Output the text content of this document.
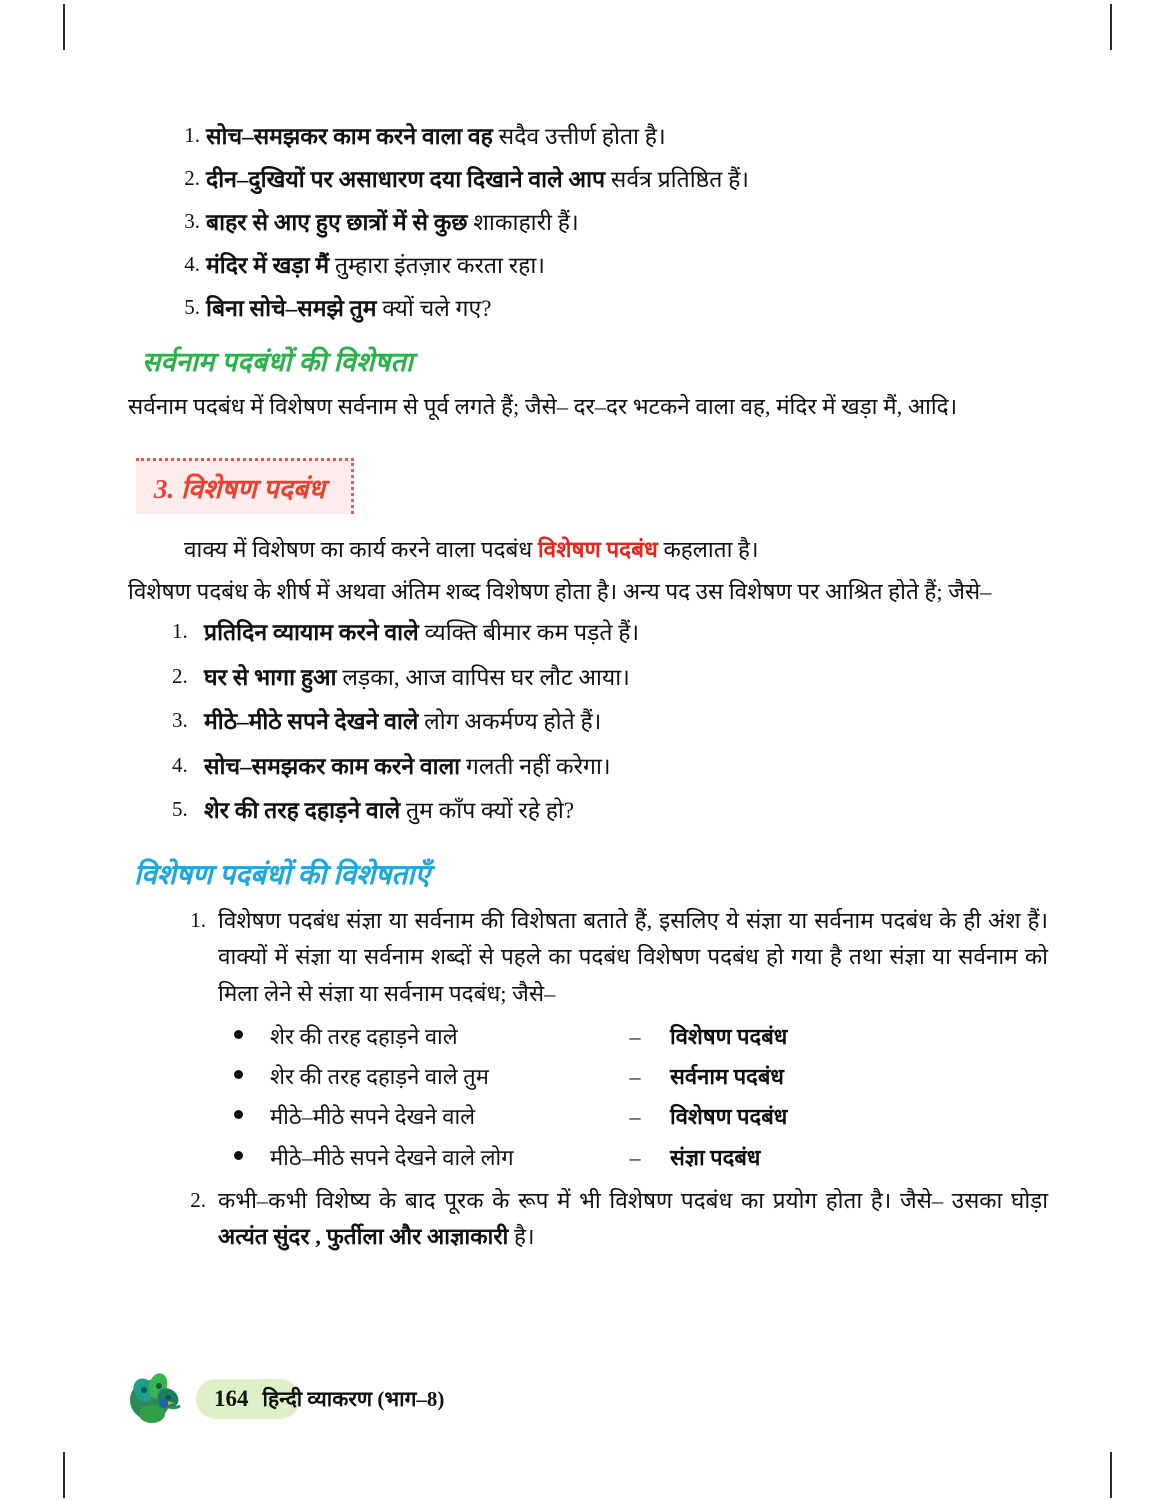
1. सोच–समझकर काम करने वाला वह सदैव उत्तीर्ण होता है।
2. दीन–दुखियों पर असाधारण दया दिखाने वाले आप सर्वत्र प्रतिष्ठित हैं।
3. बाहर से आए हुए छात्रों में से कुछ शाकाहारी हैं।
4. मंदिर में खड़ा मैं तुम्हारा इंतज़ार करता रहा।
5. बिना सोचे–समझे तुम क्यों चले गए?
सर्वनाम पदबंधों की विशेषता

सर्वनाम पदबंध में विशेषण सर्वनाम से पूर्व लगते हैं; जैसे– दर–दर भटकने वाला वह, मंदिर में खड़ा मैं, आदि।

3. विशेषण पदबंध

वाक्य में विशेषण का कार्य करने वाला पदबंध विशेषण पदबंध कहलाता है।

विशेषण पदबंध के शीर्ष में अथवा अंतिम शब्द विशेषण होता है। अन्य पद उस विशेषण पर आश्रित होते हैं; जैसे–

1. प्रतिदिन व्यायाम करने वाले व्यक्ति बीमार कम पड़ते हैं।
2. घर से भागा हुआ लड़का, आज वापिस घर लौट आया।
3. मीठे–मीठे सपने देखने वाले लोग अकर्मण्य होते हैं।
4. सोच–समझकर काम करने वाला गलती नहीं करेगा।
5. शेर की तरह दहाड़ने वाले तुम काँप क्यों रहे हो?
विशेषण पदबंधों की विशेषताएँ
1. विशेषण पदबंध संज्ञा या सर्वनाम की विशेषता बताते हैं, इसलिए ये संज्ञा या सर्वनाम पदबंध के ही अंश हैं। वाक्यों में संज्ञा या सर्वनाम शब्दों से पहले का पदबंध विशेषण पदबंध हो गया है तथा संज्ञा या सर्वनाम को मिला लेने से संज्ञा या सर्वनाम पदबंध; जैसे–
शेर की तरह दहाड़ने वाले	– विशेषण पदबंध
शेर की तरह दहाड़ने वाले तुम	– सर्वनाम पदबंध
मीठे–मीठे सपने देखने वाले	– विशेषण पदबंध
मीठे–मीठे सपने देखने वाले लोग	– संज्ञा पदबंध
2. कभी–कभी विशेष्य के बाद पूरक के रूप में भी विशेषण पदबंध का प्रयोग होता है। जैसे– उसका घोड़ा अत्यंत सुंदर , फुर्तीला और आज्ञाकारी है।
164 हिन्दी व्याकरण (भाग–8)
